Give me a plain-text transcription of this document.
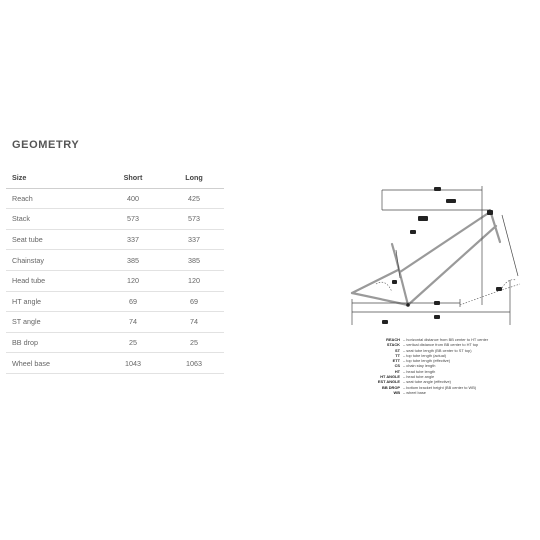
GEOMETRY
Size	Short	Long
Reach	400	425
Stack	573	573
Seat tube	337	337
Chainstay	385	385
Head tube	120	120
HT angle	69	69
ST angle	74	74
BB drop	25	25
Wheel base	1043	1063
REACH – horizontal distance from BB center to HT center
STACK – vertical distance from BB center to HT top
ST – seat tube length (BB center to ST top)
TT – top tube length (actual)
ETT – top tube length (effective)
CS – chain stay length
HT – head tube length
HT ANGLE – head tube angle
EST ANGLE – seat tube angle (effective)
BB DROP – bottom bracket height (BB center to WB)
WB – wheel base
